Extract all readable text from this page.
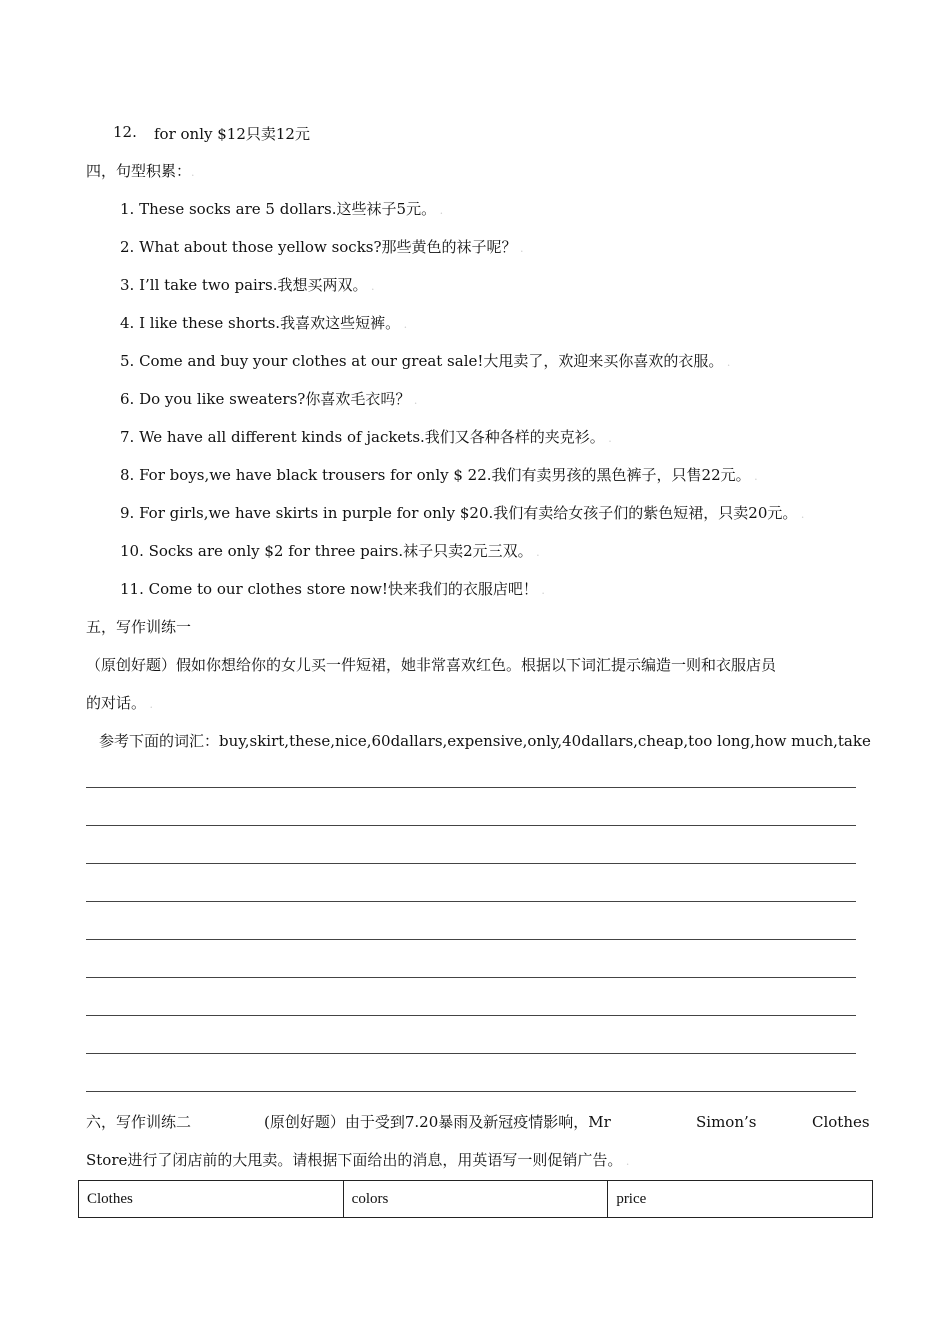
12. for only $12只卖12元
四，句型积累：.
1. These socks are 5 dollars.这些袜子5元。 .
2. What about those yellow socks?那些黄色的袜子呢？ .
3. I’ll take two pairs.我想买两双。 .
4. I like these shorts.我喜欢这些短裤。 .
5. Come and buy your clothes at our great sale!大甩卖了，欢迎来买你喜欢的衣服。 .
6. Do you like sweaters?你喜欢毛衣吗？ .
7. We have all different kinds of jackets.我们又各种各样的夹克衫。 .
8. For boys,we have black trousers for only $ 22.我们有卖男孩的黑色裤子，只售22元。 .
9. For girls,we have skirts in purple for only $20.我们有卖给女孩子们的紫色短裙，只卖20元。 .
10. Socks are only $2 for three pairs.袜子只卖2元三双。 .
11. Come to our clothes store now!快来我们的衣服店吧！ .
五，写作训练一
（原创好题）假如你想给你的女儿买一件短裙，她非常喜欢红色。根据以下词汇提示编造一则和衣服店员
的对话。 .
参考下面的词汇：buy,skirt,these,nice,60dallars,expensive,only,40dallars,cheap,too long,how much,take
六，写作训练二	(原创好题）由于受到7.20暴雨及新冠疫情影响，Mr	Simon’s	Clothes
Store进行了闭店前的大甩卖。请根据下面给出的消息，用英语写一则促销广告。 .
Clothes	colors	price
